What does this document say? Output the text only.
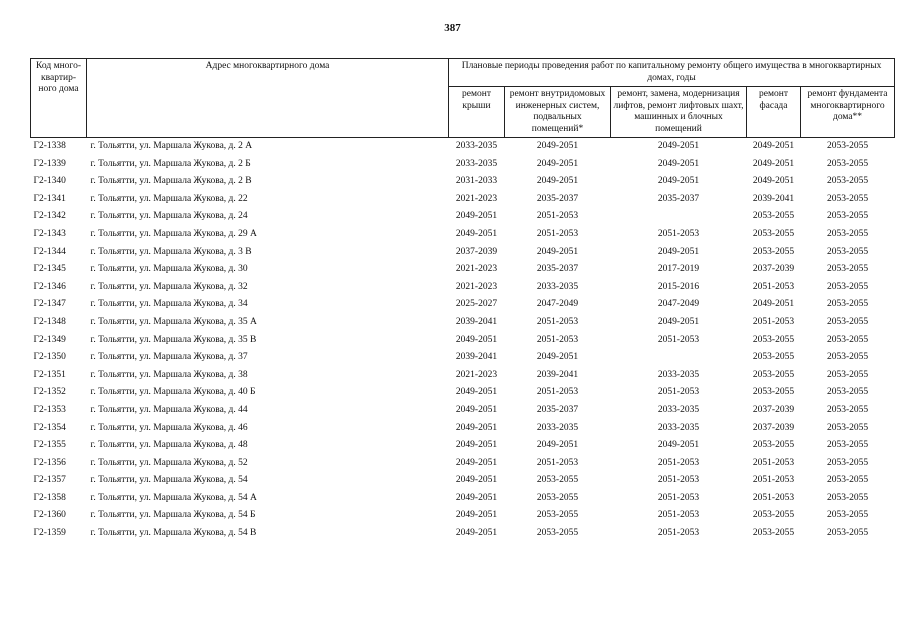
387
Код много-квартир-ного дома	Адрес многоквартирного дома	Плановые периоды проведения работ по капитальному ремонту общего имущества в многоквартирных домах, годы				
		ремонт крыши	ремонт внутридомовых инженерных систем, подвальных помещений*	ремонт, замена, модернизация лифтов, ремонт лифтовых шахт, машинных и блочных помещений	ремонт фасада	ремонт фундамента многоквартирного дома**
Г2-1338	г. Тольятти, ул. Маршала Жукова, д. 2 А	2033-2035	2049-2051	2049-2051	2049-2051	2053-2055
Г2-1339	г. Тольятти, ул. Маршала Жукова, д. 2 Б	2033-2035	2049-2051	2049-2051	2049-2051	2053-2055
Г2-1340	г. Тольятти, ул. Маршала Жукова, д. 2 В	2031-2033	2049-2051	2049-2051	2049-2051	2053-2055
Г2-1341	г. Тольятти, ул. Маршала Жукова, д. 22	2021-2023	2035-2037	2035-2037	2039-2041	2053-2055
Г2-1342	г. Тольятти, ул. Маршала Жукова, д. 24	2049-2051	2051-2053		2053-2055	2053-2055
Г2-1343	г. Тольятти, ул. Маршала Жукова, д. 29 А	2049-2051	2051-2053	2051-2053	2053-2055	2053-2055
Г2-1344	г. Тольятти, ул. Маршала Жукова, д. 3 В	2037-2039	2049-2051	2049-2051	2053-2055	2053-2055
Г2-1345	г. Тольятти, ул. Маршала Жукова, д. 30	2021-2023	2035-2037	2017-2019	2037-2039	2053-2055
Г2-1346	г. Тольятти, ул. Маршала Жукова, д. 32	2021-2023	2033-2035	2015-2016	2051-2053	2053-2055
Г2-1347	г. Тольятти, ул. Маршала Жукова, д. 34	2025-2027	2047-2049	2047-2049	2049-2051	2053-2055
Г2-1348	г. Тольятти, ул. Маршала Жукова, д. 35 А	2039-2041	2051-2053	2049-2051	2051-2053	2053-2055
Г2-1349	г. Тольятти, ул. Маршала Жукова, д. 35 В	2049-2051	2051-2053	2051-2053	2053-2055	2053-2055
Г2-1350	г. Тольятти, ул. Маршала Жукова, д. 37	2039-2041	2049-2051		2053-2055	2053-2055
Г2-1351	г. Тольятти, ул. Маршала Жукова, д. 38	2021-2023	2039-2041	2033-2035	2053-2055	2053-2055
Г2-1352	г. Тольятти, ул. Маршала Жукова, д. 40 Б	2049-2051	2051-2053	2051-2053	2053-2055	2053-2055
Г2-1353	г. Тольятти, ул. Маршала Жукова, д. 44	2049-2051	2035-2037	2033-2035	2037-2039	2053-2055
Г2-1354	г. Тольятти, ул. Маршала Жукова, д. 46	2049-2051	2033-2035	2033-2035	2037-2039	2053-2055
Г2-1355	г. Тольятти, ул. Маршала Жукова, д. 48	2049-2051	2049-2051	2049-2051	2053-2055	2053-2055
Г2-1356	г. Тольятти, ул. Маршала Жукова, д. 52	2049-2051	2051-2053	2051-2053	2051-2053	2053-2055
Г2-1357	г. Тольятти, ул. Маршала Жукова, д. 54	2049-2051	2053-2055	2051-2053	2051-2053	2053-2055
Г2-1358	г. Тольятти, ул. Маршала Жукова, д. 54 А	2049-2051	2053-2055	2051-2053	2051-2053	2053-2055
Г2-1360	г. Тольятти, ул. Маршала Жукова, д. 54 Б	2049-2051	2053-2055	2051-2053	2053-2055	2053-2055
Г2-1359	г. Тольятти, ул. Маршала Жукова, д. 54 В	2049-2051	2053-2055	2051-2053	2053-2055	2053-2055
